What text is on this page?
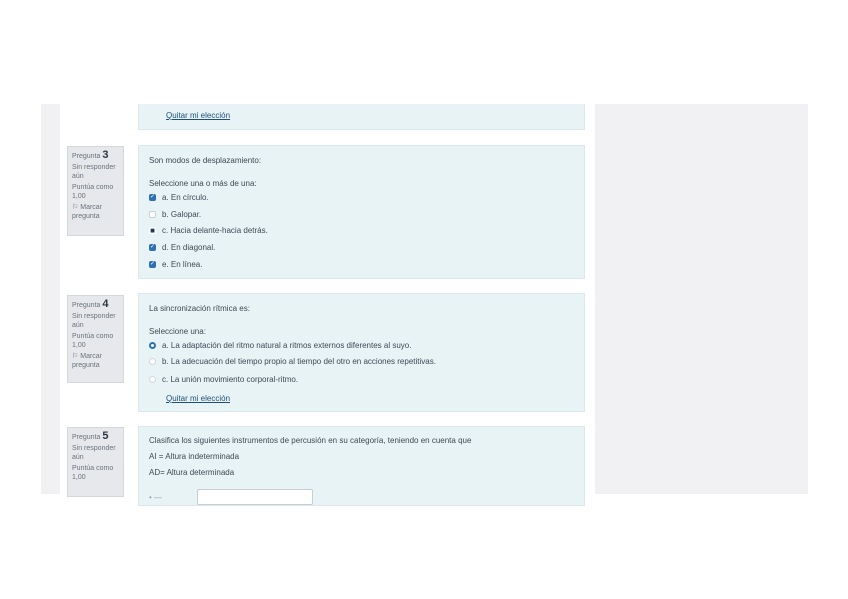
Quitar mi elección
Pregunta 3
Sin responder aún
Puntúa como 1,00
⚐ Marcar pregunta
Son modos de desplazamiento:
Seleccione una o más de una:
✓ a. En círculo.
b. Galopar.
■ c. Hacia delante-hacia detrás.
✓ d. En diagonal.
✓ e. En línea.
Pregunta 4
Sin responder aún
Puntúa como 1,00
⚐ Marcar pregunta
La sincronización rítmica es:
Seleccione una:
a. La adaptación del ritmo natural a ritmos externos diferentes al suyo.
b. La adecuación del tiempo propio al tiempo del otro en acciones repetitivas.
c. La unión movimiento corporal-ritmo.
Quitar mi elección
Pregunta 5
Sin responder aún
Puntúa como 1,00
Clasifica los siguientes instrumentos de percusión en su categoría, teniendo en cuenta que
AI = Altura indeterminada
AD= Altura determinada
• —
